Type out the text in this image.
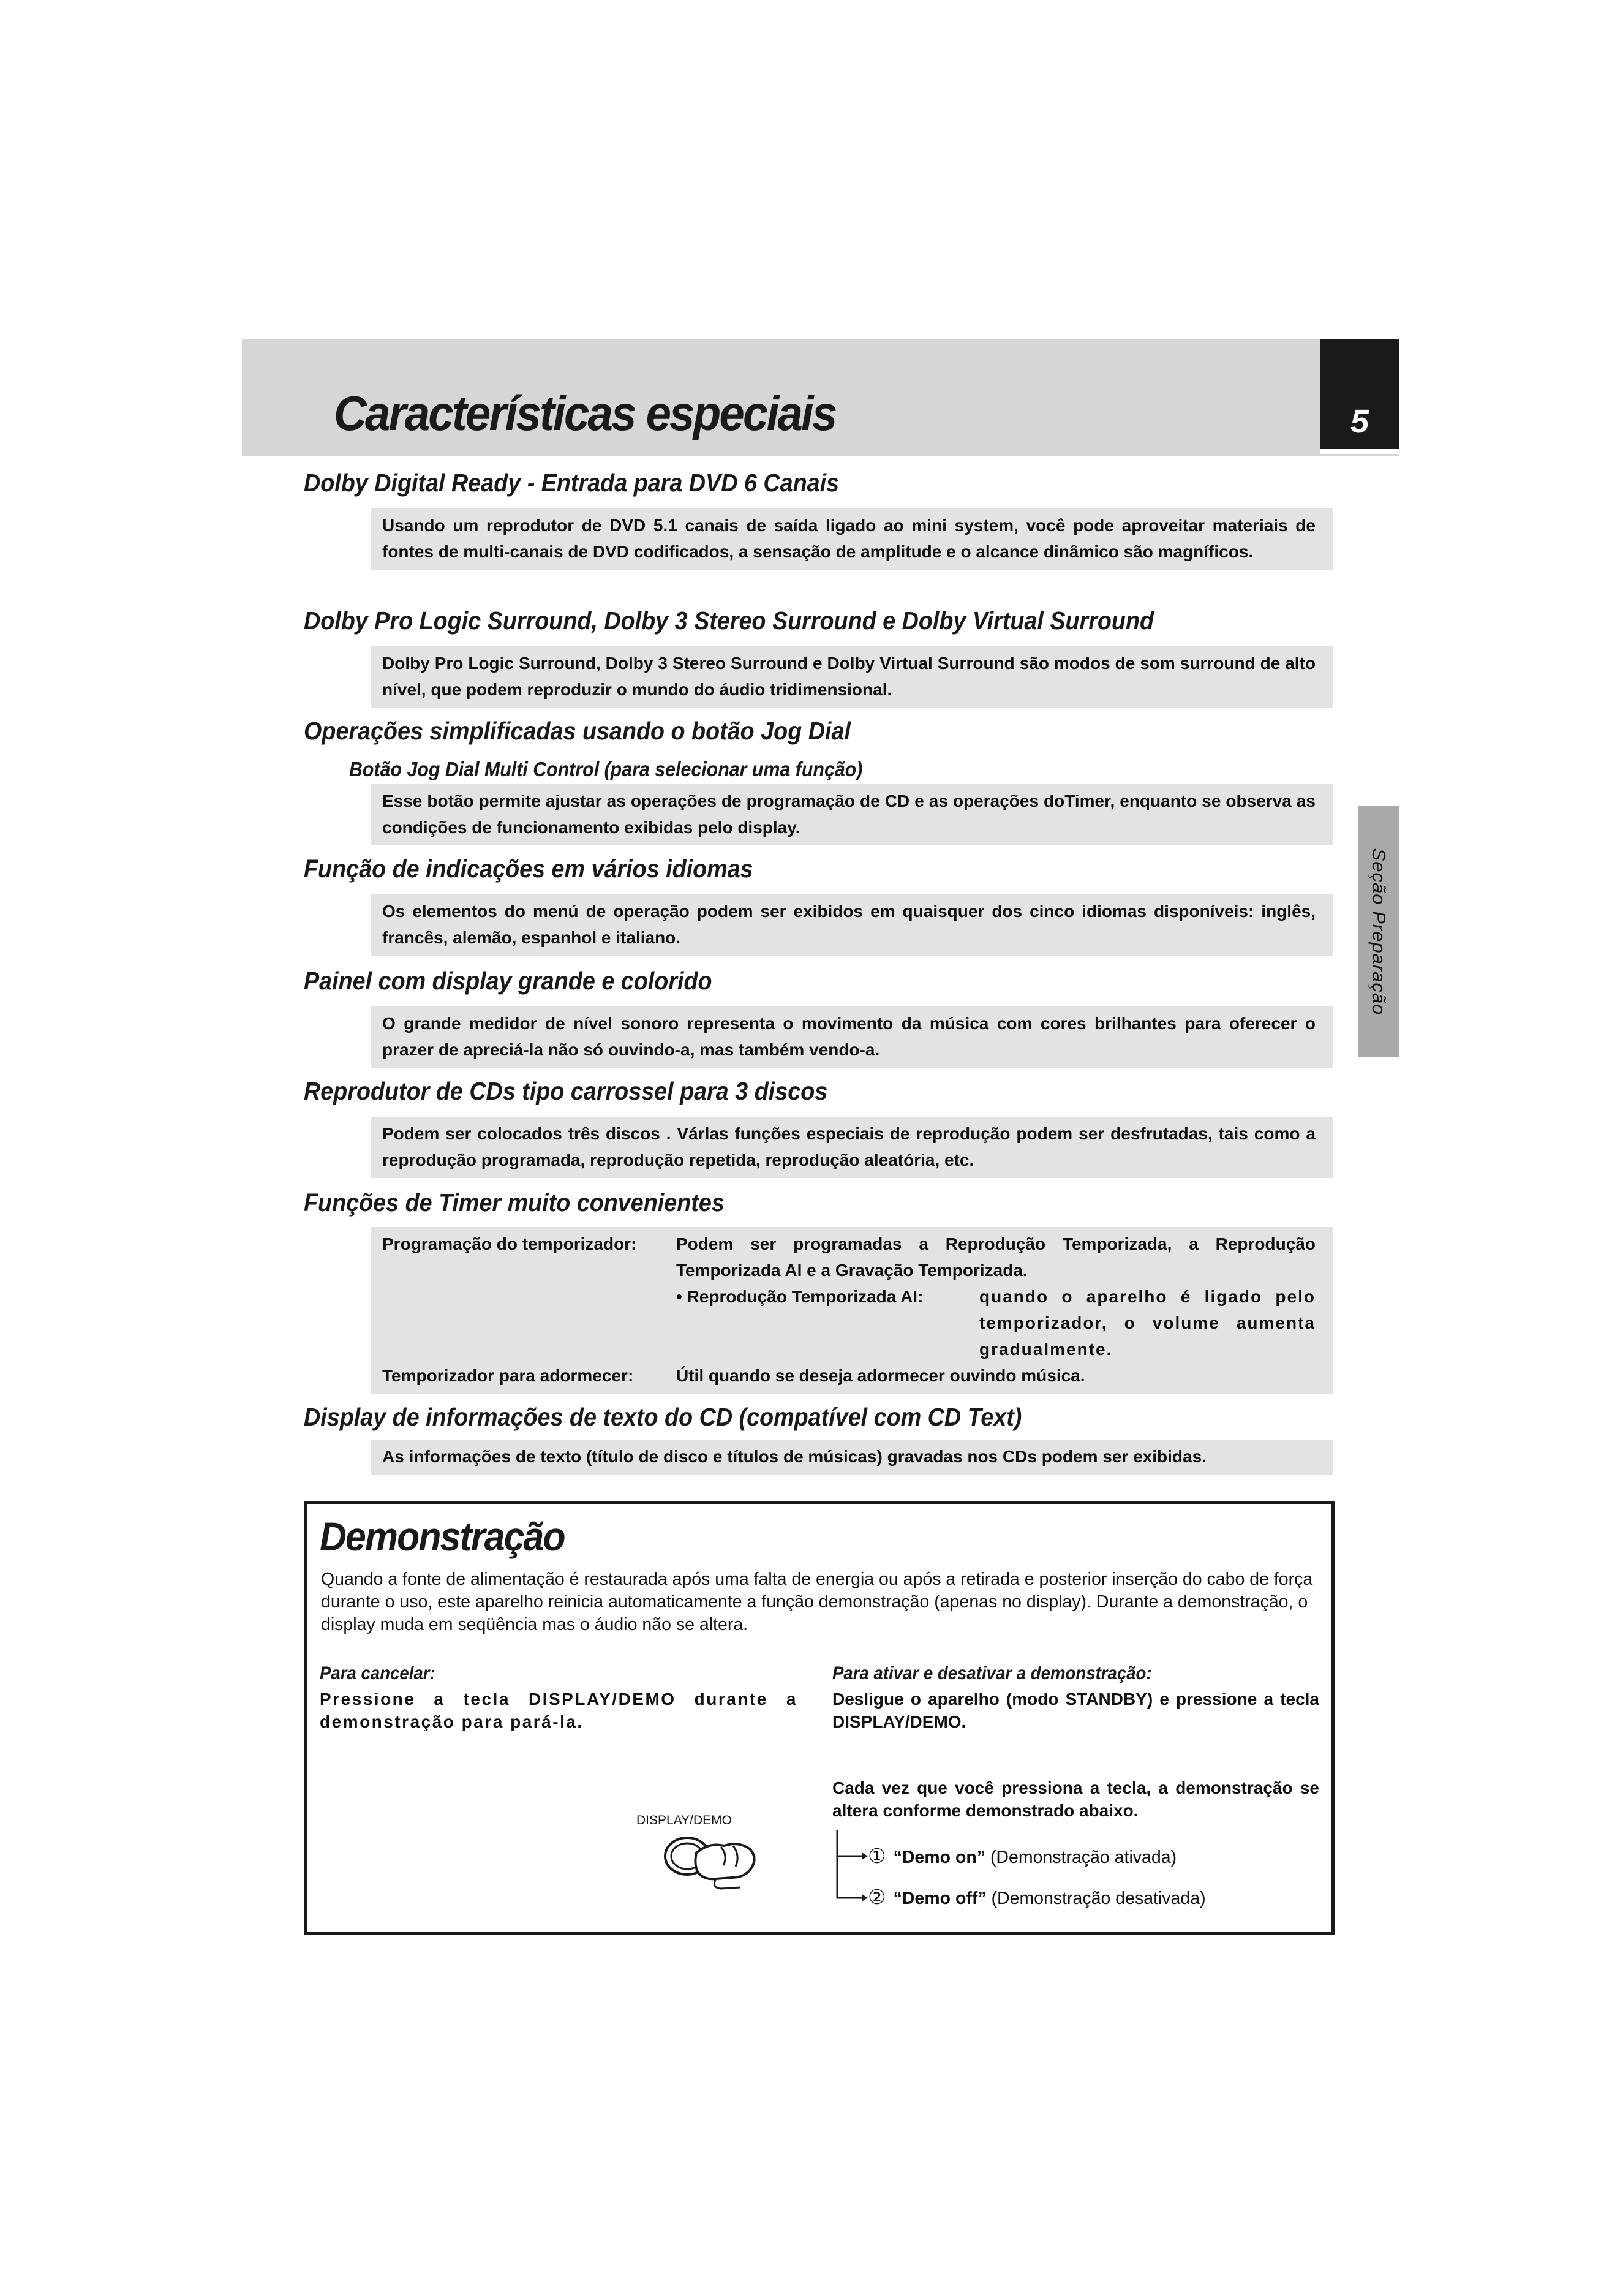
Características especiais	5
Seção Preparação
Dolby Digital Ready - Entrada para DVD 6 Canais

Usando um reprodutor de DVD 5.1 canais de saída ligado ao mini system, você pode aproveitar materiais de fontes de multi-canais de DVD codificados, a sensação de amplitude e o alcance dinâmico são magníficos.

Dolby Pro Logic Surround, Dolby 3 Stereo Surround e Dolby Virtual Surround

Dolby Pro Logic Surround, Dolby 3 Stereo Surround e Dolby Virtual Surround são modos de som surround de alto nível, que podem reproduzir o mundo do áudio tridimensional.

Operações simplificadas usando o botão Jog Dial
Botão Jog Dial Multi Control (para selecionar uma função)

Esse botão permite ajustar as operações de programação de CD e as operações doTimer, enquanto se observa as condições de funcionamento exibidas pelo display.

Função de indicações em vários idiomas

Os elementos do menú de operação podem ser exibidos em quaisquer dos cinco idiomas disponíveis: inglês, francês, alemão, espanhol e italiano.

Painel com display grande e colorido

O grande medidor de nível sonoro representa o movimento da música com cores brilhantes para oferecer o prazer de apreciá-la não só ouvindo-a, mas também vendo-a.

Reprodutor de CDs tipo carrossel para 3 discos

Podem ser colocados três discos . Várlas funções especiais de reprodução podem ser desfrutadas, tais como a reprodução programada, reprodução repetida, reprodução aleatória, etc.

Funções de Timer muito convenientes
Programação do temporizador:	Podem ser programadas a Reprodução Temporizada, a Reprodução Temporizada AI e a Gravação Temporizada.
• Reprodução Temporizada AI:	quando o aparelho é ligado pelo temporizador, o volume aumenta gradualmente.
Temporizador para adormecer:	Útil quando se deseja adormecer ouvindo música.
Display de informações de texto do CD (compatível com CD Text)

As informações de texto (título de disco e títulos de músicas) gravadas nos CDs podem ser exibidas.

Demonstração

Quando a fonte de alimentação é restaurada após uma falta de energia ou após a retirada e posterior inserção do cabo de força durante o uso, este aparelho reinicia automaticamente a função demonstração (apenas no display). Durante a demonstração, o display muda em seqüência mas o áudio não se altera.

Para cancelar:

Pressione a tecla DISPLAY/DEMO durante a demonstração para pará-la.

Para ativar e desativar a demonstração:

Desligue o aparelho (modo STANDBY) e pressione a tecla DISPLAY/DEMO.

Cada vez que você pressiona a tecla, a demonstração se altera conforme demonstrado abaixo.

DISPLAY/DEMO
① “Demo on” (Demonstração ativada)
② “Demo off” (Demonstração desativada)
